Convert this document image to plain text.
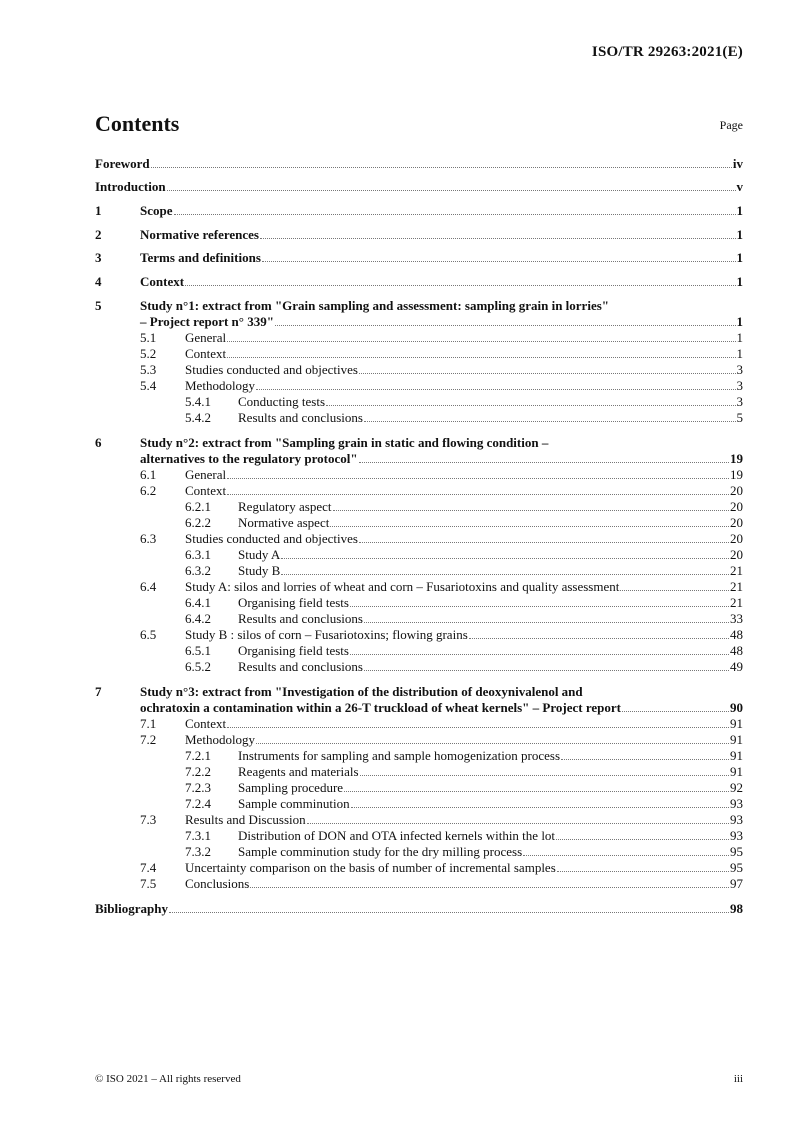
ISO/TR 29263:2021(E)
Contents	Page
Foreword	iv
Introduction	v
1	Scope	1
2	Normative references	1
3	Terms and definitions	1
4	Context	1
5	Study n°1: extract from "Grain sampling and assessment: sampling grain in lorries"
– Project report n° 339"	1
5.1	General	1
5.2	Context	1
5.3	Studies conducted and objectives	3
5.4	Methodology	3
5.4.1	Conducting tests	3
5.4.2	Results and conclusions	5
6	Study n°2: extract from "Sampling grain in static and flowing condition –
alternatives to the regulatory protocol"	19
6.1	General	19
6.2	Context	20
6.2.1	Regulatory aspect	20
6.2.2	Normative aspect	20
6.3	Studies conducted and objectives	20
6.3.1	Study A	20
6.3.2	Study B	21
6.4	Study A: silos and lorries of wheat and corn – Fusariotoxins and quality assessment	21
6.4.1	Organising field tests	21
6.4.2	Results and conclusions	33
6.5	Study B : silos of corn – Fusariotoxins; flowing grains	48
6.5.1	Organising field tests	48
6.5.2	Results and conclusions	49
7	Study n°3: extract from "Investigation of the distribution of deoxynivalenol and
ochratoxin a contamination within a 26-T truckload of wheat kernels" – Project report	90
7.1	Context	91
7.2	Methodology	91
7.2.1	Instruments for sampling and sample homogenization process	91
7.2.2	Reagents and materials	91
7.2.3	Sampling procedure	92
7.2.4	Sample comminution	93
7.3	Results and Discussion	93
7.3.1	Distribution of DON and OTA infected kernels within the lot	93
7.3.2	Sample comminution study for the dry milling process	95
7.4	Uncertainty comparison on the basis of number of incremental samples	95
7.5	Conclusions	97
Bibliography	98
© ISO 2021 – All rights reserved	iii
